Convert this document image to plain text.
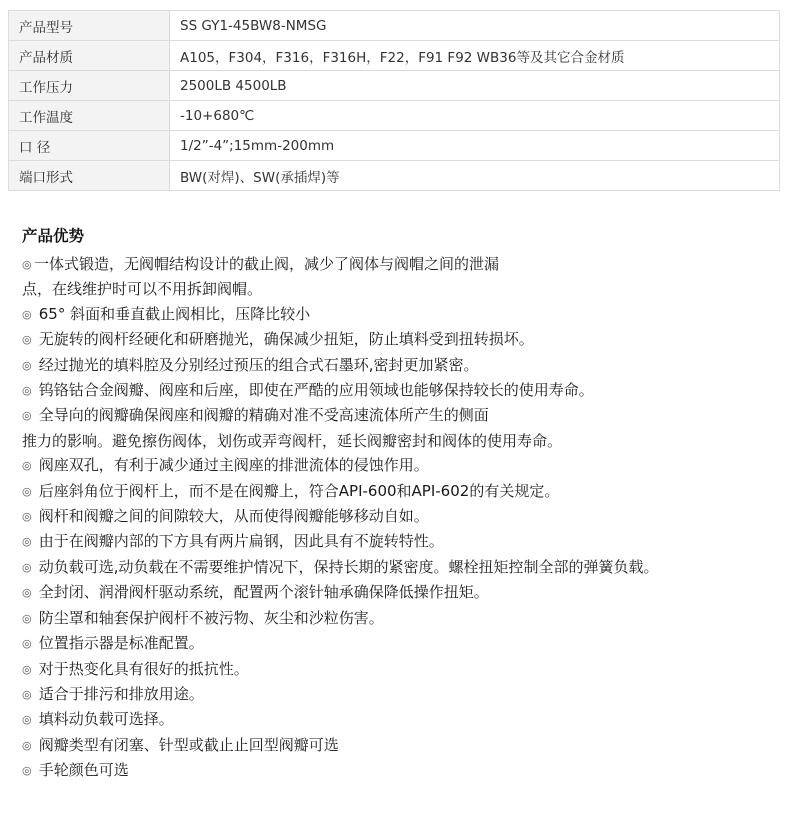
产品型号	SS GY1-45BW8-NMSG
产品材质	A105，F304，F316，F316H，F22，F91 F92 WB36等及其它合金材质
工作压力	2500LB 4500LB
工作温度	-10+680℃
口 径	1/2”-4”;15mm-200mm
端口形式	BW(对焊)、SW(承插焊)等
产品优势
◎ 一体式锻造，无阀帽结构设计的截止阀，减少了阀体与阀帽之间的泄漏
点，在线维护时可以不用拆卸阀帽。
◎ 65° 斜面和垂直截止阀相比，压降比较小
◎ 无旋转的阀杆经硬化和研磨抛光，确保减少扭矩，防止填料受到扭转损坏。
◎ 经过抛光的填料腔及分别经过预压的组合式石墨环,密封更加紧密。
◎ 钨铬钴合金阀瓣、阀座和后座，即使在严酷的应用领域也能够保持较长的使用寿命。
◎ 全导向的阀瓣确保阀座和阀瓣的精确对准不受高速流体所产生的侧面
推力的影响。避免擦伤阀体，划伤或弄弯阀杆，延长阀瓣密封和阀体的使用寿命。
◎ 阀座双孔，有利于减少通过主阀座的排泄流体的侵蚀作用。
◎ 后座斜角位于阀杆上，而不是在阀瓣上，符合API-600和API-602的有关规定。
◎ 阀杆和阀瓣之间的间隙较大，从而使得阀瓣能够移动自如。
◎ 由于在阀瓣内部的下方具有两片扁钢，因此具有不旋转特性。
◎ 动负载可选,动负载在不需要维护情况下，保持长期的紧密度。螺栓扭矩控制全部的弹簧负载。
◎ 全封闭、润滑阀杆驱动系统，配置两个滚针轴承确保降低操作扭矩。
◎ 防尘罩和轴套保护阀杆不被污物、灰尘和沙粒伤害。
◎ 位置指示器是标准配置。
◎ 对于热变化具有很好的抵抗性。
◎ 适合于排污和排放用途。
◎ 填料动负载可选择。
◎ 阀瓣类型有闭塞、针型或截止止回型阀瓣可选
◎ 手轮颜色可选
